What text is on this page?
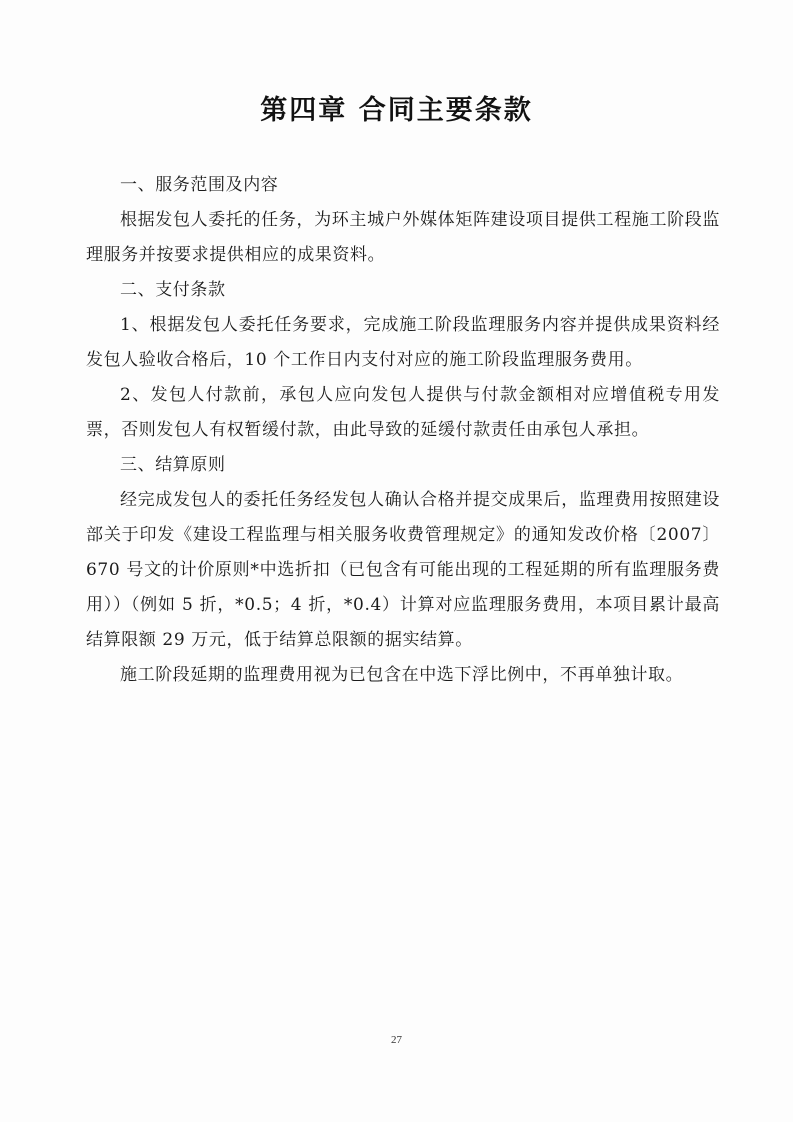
第四章 合同主要条款

一、服务范围及内容

根据发包人委托的任务，为环主城户外媒体矩阵建设项目提供工程施工阶段监理服务并按要求提供相应的成果资料。

二、支付条款

1、根据发包人委托任务要求，完成施工阶段监理服务内容并提供成果资料经发包人验收合格后，10 个工作日内支付对应的施工阶段监理服务费用。

2、发包人付款前，承包人应向发包人提供与付款金额相对应增值税专用发票，否则发包人有权暂缓付款，由此导致的延缓付款责任由承包人承担。

三、结算原则

经完成发包人的委托任务经发包人确认合格并提交成果后，监理费用按照建设部关于印发《建设工程监理与相关服务收费管理规定》的通知发改价格〔2007〕670 号文的计价原则*中选折扣（已包含有可能出现的工程延期的所有监理服务费用））（例如 5 折，*0.5；4 折，*0.4）计算对应监理服务费用，本项目累计最高结算限额 29 万元，低于结算总限额的据实结算。

施工阶段延期的监理费用视为已包含在中选下浮比例中，不再单独计取。

27
